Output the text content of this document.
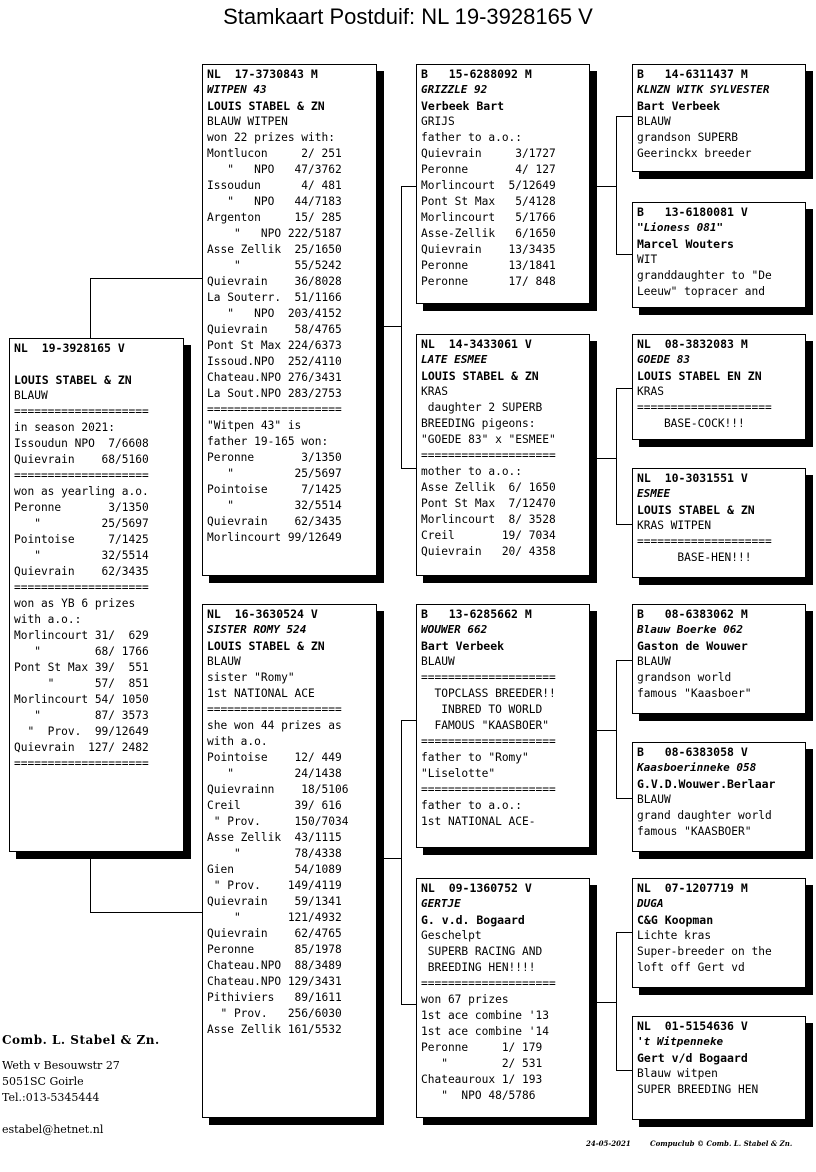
Stamkaart Postduif: NL 19-3928165 V
NL  19-3928165 V
LOUIS STABEL & ZN
BLAUW
====================
in season 2021:
Issoudun NPO  7/6608
Quievrain    68/5160
====================
won as yearling a.o.
Peronne       3/1350
"         25/5697
Pointoise     7/1425
"         32/5514
Quievrain    62/3435
====================
won as YB 6 prizes
with a.o.:
Morlincourt 31/  629
"        68/ 1766
Pont St Max 39/  551
"      57/  851
Morlincourt 54/ 1050
"        87/ 3573
"  Prov.  99/12649
Quievrain  127/ 2482
====================
NL  17-3730843 M
WITPEN 43
LOUIS STABEL & ZN
BLAUW WITPEN
won 22 prizes with:
Montlucon     2/ 251
"   NPO   47/3762
Issoudun      4/ 481
"   NPO   44/7183
Argenton     15/ 285
"   NPO 222/5187
Asse Zellik  25/1650
"        55/5242
Quievrain    36/8028
La Souterr.  51/1166
"   NPO  203/4152
Quievrain    58/4765
Pont St Max 224/6373
Issoud.NPO  252/4110
Chateau.NPO 276/3431
La Sout.NPO 283/2753
====================
"Witpen 43" is
father 19-165 won:
Peronne       3/1350
"         25/5697
Pointoise     7/1425
"         32/5514
Quievrain    62/3435
Morlincourt 99/12649
NL  16-3630524 V
SISTER ROMY 524
LOUIS STABEL & ZN
BLAUW
sister "Romy"
1st NATIONAL ACE
====================
she won 44 prizes as
with a.o.
Pointoise    12/ 449
"         24/1438
Quievrainn    18/5106
Creil        39/ 616
" Prov.     150/7034
Asse Zellik  43/1115
"        78/4338
Gien         54/1089
" Prov.    149/4119
Quievrain    59/1341
"       121/4932
Quievrain    62/4765
Peronne      85/1978
Chateau.NPO  88/3489
Chateau.NPO 129/3431
Pithiviers   89/1611
" Prov.   256/6030
Asse Zellik 161/5532
B   15-6288092 M
GRIZZLE 92
Verbeek Bart
GRIJS
father to a.o.:
Quievrain     3/1727
Peronne       4/ 127
Morlincourt  5/12649
Pont St Max   5/4128
Morlincourt   5/1766
Asse-Zellik   6/1650
Quievrain    13/3435
Peronne      13/1841
Peronne      17/ 848
NL  14-3433061 V
LATE ESMEE
LOUIS STABEL & ZN
KRAS
daughter 2 SUPERB
BREEDING pigeons:
"GOEDE 83" x "ESMEE"
====================
mother to a.o.:
Asse Zellik  6/ 1650
Pont St Max  7/12470
Morlincourt  8/ 3528
Creil       19/ 7034
Quievrain   20/ 4358
B   13-6285662 M
WOUWER 662
Bart Verbeek
BLAUW
====================
TOPCLASS BREEDER!!
INBRED TO WORLD
FAMOUS "KAASBOER"
====================
father to "Romy"
"Liselotte"
====================
father to a.o.:
1st NATIONAL ACE-
NL  09-1360752 V
GERTJE
G. v.d. Bogaard
Geschelpt
SUPERB RACING AND
BREEDING HEN!!!!
====================
won 67 prizes
1st ace combine '13
1st ace combine '14
Peronne     1/ 179
"        2/ 531
Chateauroux 1/ 193
"  NPO 48/5786
B   14-6311437 M
KLNZN WITK SYLVESTER
Bart Verbeek
BLAUW
grandson SUPERB
Geerinckx breeder
B   13-6180081 V
"Lioness 081"
Marcel Wouters
WIT
granddaughter to "De
Leeuw" topracer and
NL  08-3832083 M
GOEDE 83
LOUIS STABEL EN ZN
KRAS
====================
BASE-COCK!!!
NL  10-3031551 V
ESMEE
LOUIS STABEL & ZN
KRAS WITPEN
====================
BASE-HEN!!!
B   08-6383062 M
Blauw Boerke 062
Gaston de Wouwer
BLAUW
grandson world
famous "Kaasboer"
B   08-6383058 V
Kaasboerinneke 058
G.V.D.Wouwer.Berlaar
BLAUW
grand daughter world
famous "KAASBOER"
NL  07-1207719 M
DUGA
C&G Koopman
Lichte kras
Super-breeder on the
loft off Gert vd
NL  01-5154636 V
't Witpenneke
Gert v/d Bogaard
Blauw witpen
SUPER BREEDING HEN
Comb. L. Stabel & Zn.
Weth v Besouwstr 27
5051SC Goirle
Tel.:013-5345444
estabel@hetnet.nl
24-05-2021	Compuclub © Comb. L. Stabel & Zn.
